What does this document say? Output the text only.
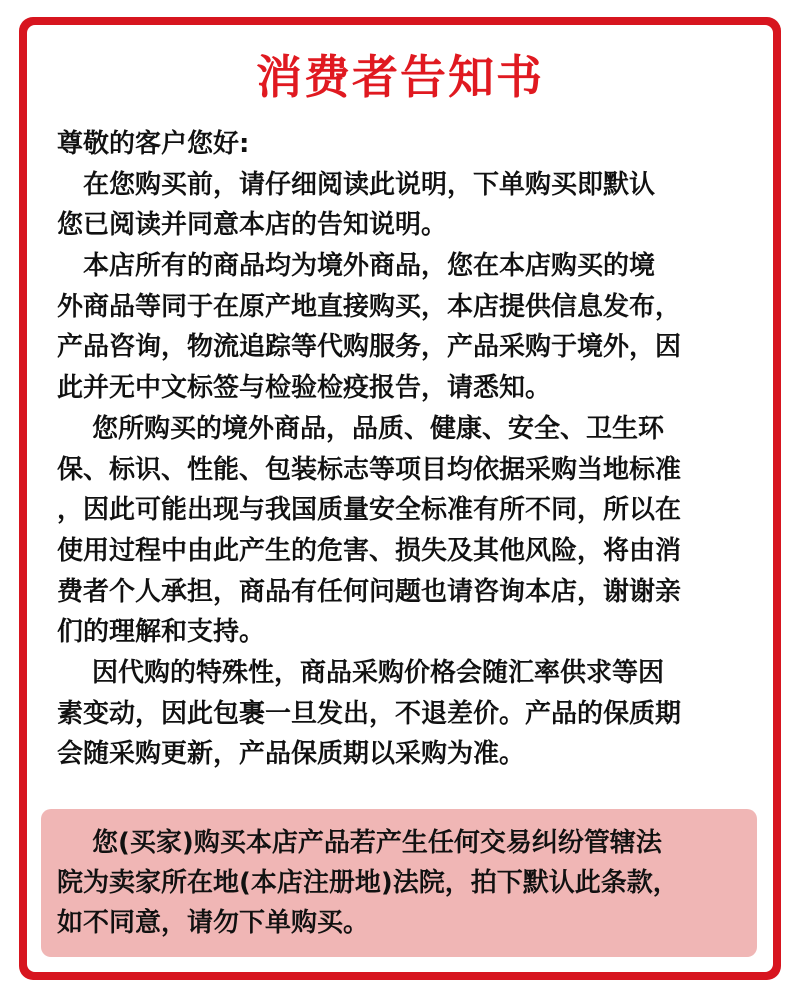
消费者告知书
尊敬的客户您好:
　在您购买前，请仔细阅读此说明，下单购买即默认
您已阅读并同意本店的告知说明。
　本店所有的商品均为境外商品，您在本店购买的境
外商品等同于在原产地直接购买，本店提供信息发布，
产品咨询，物流追踪等代购服务，产品采购于境外，因
此并无中文标签与检验检疫报告，请悉知。
　 您所购买的境外商品，品质、健康、安全、卫生环
保、标识、性能、包装标志等项目均依据采购当地标准
，因此可能出现与我国质量安全标准有所不同，所以在
使用过程中由此产生的危害、损失及其他风险，将由消
费者个人承担，商品有任何问题也请咨询本店，谢谢亲
们的理解和支持。
　 因代购的特殊性，商品采购价格会随汇率供求等因
素变动，因此包裹一旦发出，不退差价。产品的保质期
会随采购更新，产品保质期以采购为准。
　 您(买家)购买本店产品若产生任何交易纠纷管辖法
院为卖家所在地(本店注册地)法院，拍下默认此条款，
如不同意，请勿下单购买。
